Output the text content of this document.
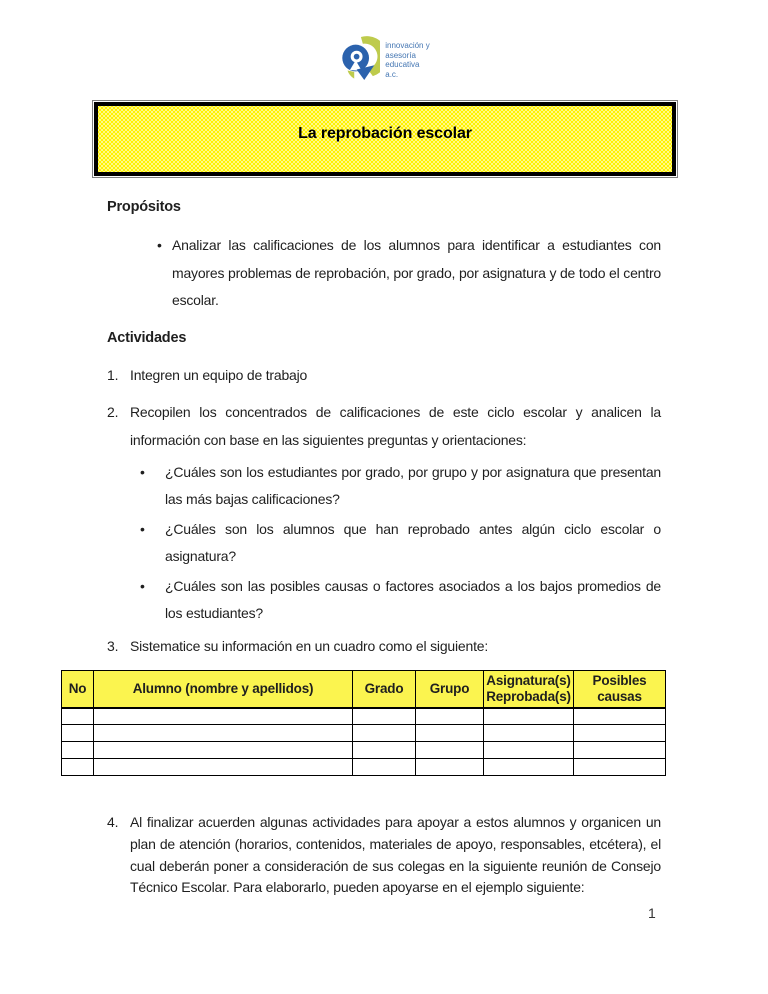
innovación y
asesoría
educativa
a.c.
La reprobación escolar
Propósitos
• Analizar las calificaciones de los alumnos para identificar a estudiantes con mayores problemas de reprobación, por grado, por asignatura y de todo el centro escolar.
Actividades
1. Integren un equipo de trabajo
2. Recopilen los concentrados de calificaciones de este ciclo escolar y analicen la información con base en las siguientes preguntas y orientaciones:
•	¿Cuáles son los estudiantes por grado, por grupo y por asignatura que presentan las más bajas calificaciones?
•	¿Cuáles son los alumnos que han reprobado antes algún ciclo escolar o asignatura?
•	¿Cuáles son las posibles causas o factores asociados a los bajos promedios de los estudiantes?
3. Sistematice su información en un cuadro como el siguiente:
No	Alumno (nombre y apellidos)	Grado	Grupo	Asignatura(s) Reprobada(s)	Posibles causas

4. Al finalizar acuerden algunas actividades para apoyar a estos alumnos y organicen un plan de atención (horarios, contenidos, materiales de apoyo, responsables, etcétera), el cual deberán poner a consideración de sus colegas en la siguiente reunión de Consejo Técnico Escolar. Para elaborarlo, pueden apoyarse en el ejemplo siguiente:
1
